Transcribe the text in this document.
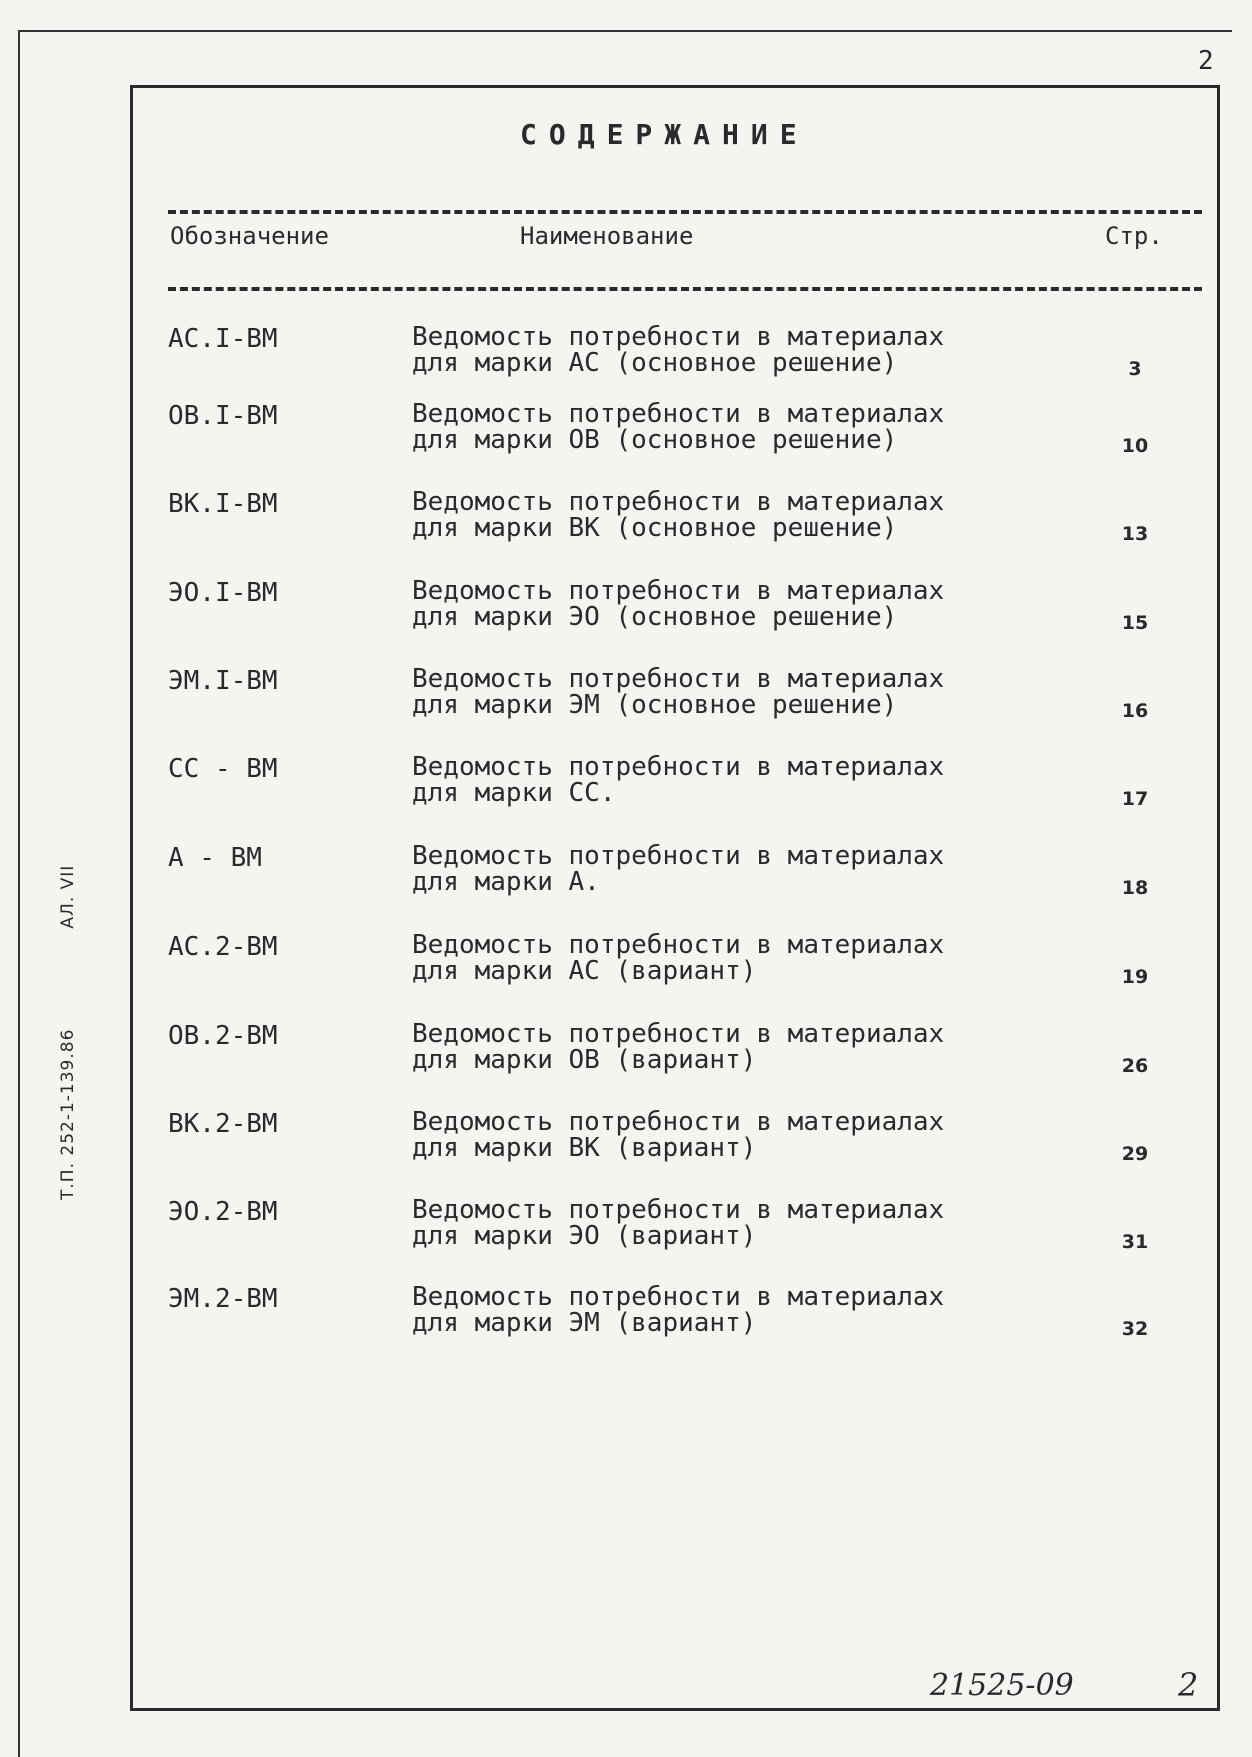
2
СОДЕРЖАНИЕ
Обозначение	Наименование	Стр.
АС.I-ВМ	Ведомость потребности в материалах
для марки АС (основное решение)	3
ОВ.I-ВМ	Ведомость потребности в материалах
для марки ОВ (основное решение)	10
ВК.I-ВМ	Ведомость потребности в материалах
для марки ВК (основное решение)	13
ЭО.I-ВМ	Ведомость потребности в материалах
для марки ЭО (основное решение)	15
ЭМ.I-ВМ	Ведомость потребности в материалах
для марки ЭМ (основное решение)	16
СС - ВМ	Ведомость потребности в материалах
для марки СС.	17
А - ВМ	Ведомость потребности в материалах
для марки А.	18
АС.2-ВМ	Ведомость потребности в материалах
для марки АС (вариант)	19
ОВ.2-ВМ	Ведомость потребности в материалах
для марки ОВ (вариант)	26
ВК.2-ВМ	Ведомость потребности в материалах
для марки ВК (вариант)	29
ЭО.2-ВМ	Ведомость потребности в материалах
для марки ЭО (вариант)	31
ЭМ.2-ВМ	Ведомость потребности в материалах
для марки ЭМ (вариант)	32
Т.П. 252-1-139.86АЛ. VII
21525-09	2
